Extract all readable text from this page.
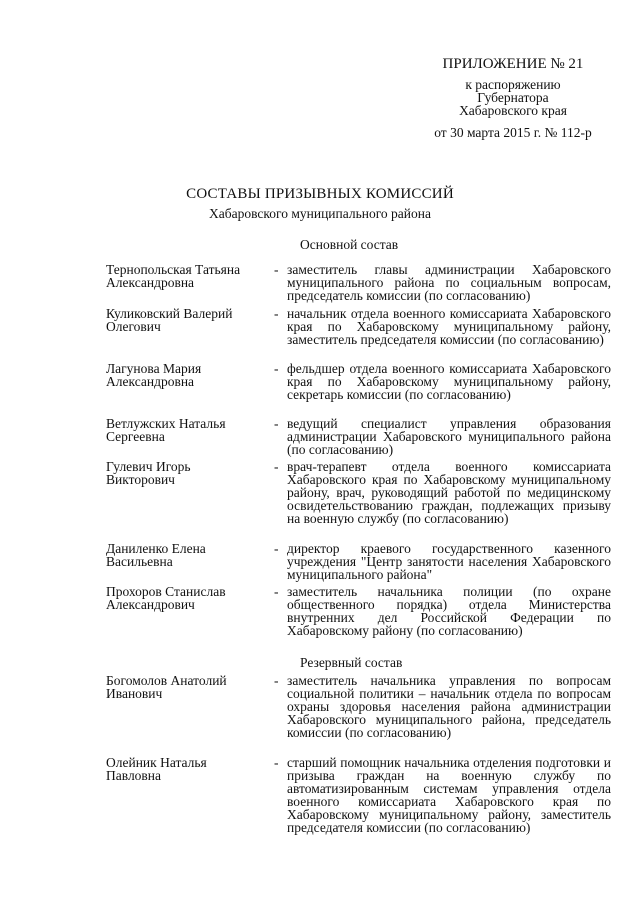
ПРИЛОЖЕНИЕ № 21
к распоряжению
Губернатора
Хабаровского края
от 30 марта 2015 г. № 112-р
СОСТАВЫ ПРИЗЫВНЫХ КОМИССИЙ
Хабаровского муниципального района
Основной состав
Тернопольская Татьяна
Александровна
- заместитель главы администрации Хабаровского муниципального района по социальным вопросам, председатель комиссии (по согласованию)
Куликовский Валерий
Олегович
- начальник отдела военного комиссариата Хабаровского края по Хабаровскому муниципальному району, заместитель председателя комиссии (по согласованию)
Лагунова Мария
Александровна
- фельдшер отдела военного комиссариата Хабаровского края по Хабаровскому муниципальному району, секретарь комиссии (по согласованию)
Ветлужских Наталья
Сергеевна
- ведущий специалист управления образования администрации Хабаровского муниципального района (по согласованию)
Гулевич Игорь
Викторович
- врач-терапевт отдела военного комиссариата Хабаровского края по Хабаровскому муниципальному району, врач, руководящий работой по медицинскому освидетельствованию граждан, подлежащих призыву на военную службу (по согласованию)
Даниленко Елена
Васильевна
- директор краевого государственного казенного учреждения "Центр занятости населения Хабаровского муниципального района"
Прохоров Станислав
Александрович
- заместитель начальника полиции (по охране общественного порядка) отдела Министерства внутренних дел Российской Федерации по Хабаровскому району (по согласованию)
Резервный состав
Богомолов Анатолий
Иванович
- заместитель начальника управления по вопросам социальной политики – начальник отдела по вопросам охраны здоровья населения района администрации Хабаровского муниципального района, председатель комиссии (по согласованию)
Олейник Наталья
Павловна
- старший помощник начальника отделения подготовки и призыва граждан на военную службу по автоматизированным системам управления отдела военного комиссариата Хабаровского края по Хабаровскому муниципальному району, заместитель председателя комиссии (по согласованию)
